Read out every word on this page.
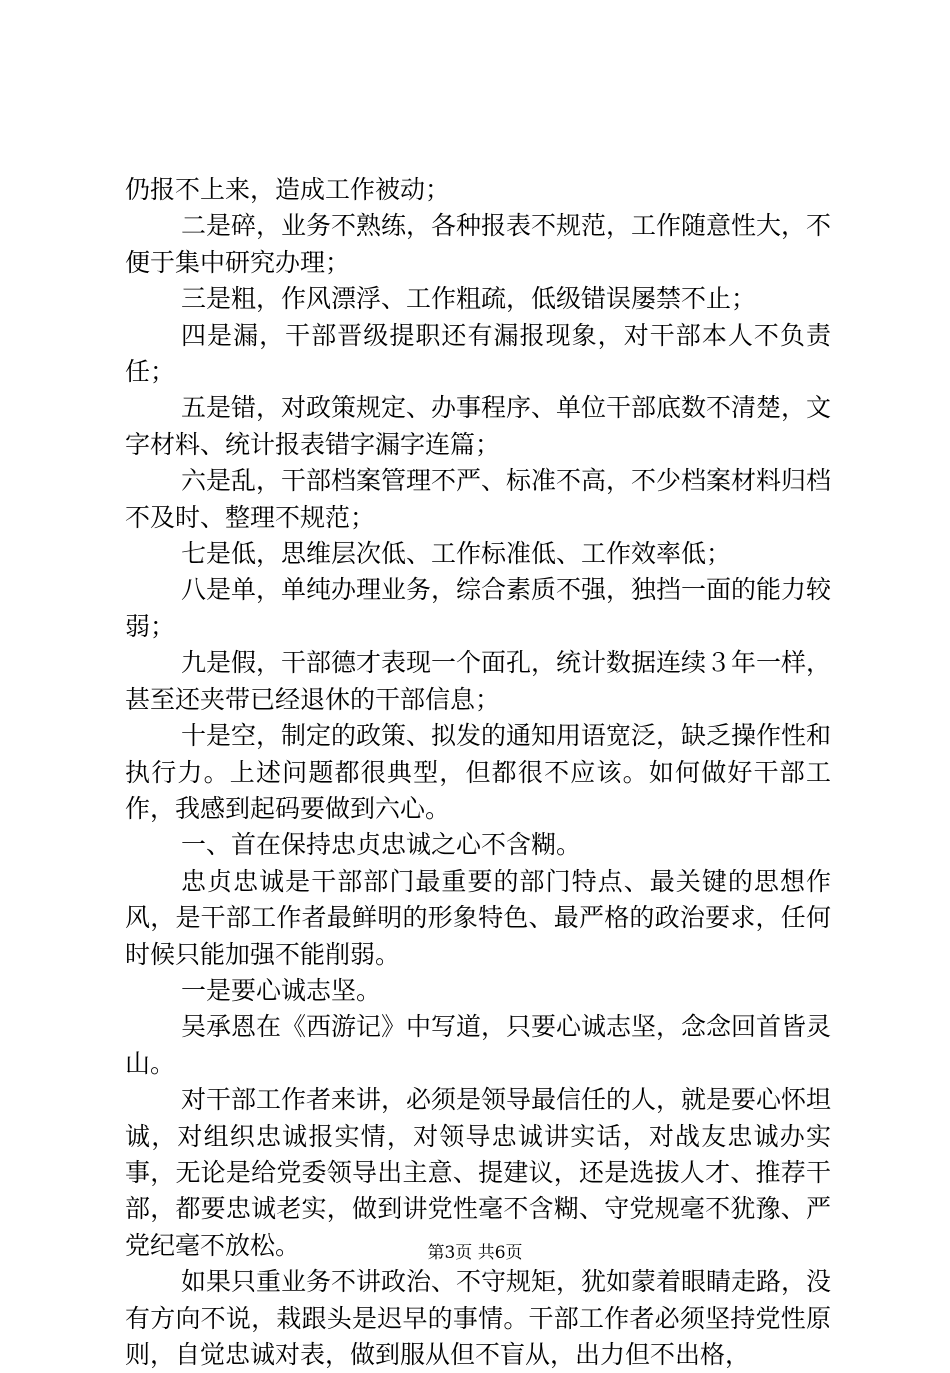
仍报不上来，造成工作被动；

二是碎，业务不熟练，各种报表不规范，工作随意性大，不便于集中研究办理；

三是粗，作风漂浮、工作粗疏，低级错误屡禁不止；

四是漏，干部晋级提职还有漏报现象，对干部本人不负责任；

五是错，对政策规定、办事程序、单位干部底数不清楚，文字材料、统计报表错字漏字连篇；

六是乱，干部档案管理不严、标准不高，不少档案材料归档不及时、整理不规范；

七是低，思维层次低、工作标准低、工作效率低；

八是单，单纯办理业务，综合素质不强，独挡一面的能力较弱；

九是假，干部德才表现一个面孔，统计数据连续３年一样，甚至还夹带已经退休的干部信息；

十是空，制定的政策、拟发的通知用语宽泛，缺乏操作性和执行力。上述问题都很典型，但都很不应该。如何做好干部工作，我感到起码要做到六心。

一、首在保持忠贞忠诚之心不含糊。

忠贞忠诚是干部部门最重要的部门特点、最关键的思想作风，是干部工作者最鲜明的形象特色、最严格的政治要求，任何时候只能加强不能削弱。

一是要心诚志坚。

吴承恩在《西游记》中写道，只要心诚志坚，念念回首皆灵山。

对干部工作者来讲，必须是领导最信任的人，就是要心怀坦诚，对组织忠诚报实情，对领导忠诚讲实话，对战友忠诚办实事，无论是给党委领导出主意、提建议，还是选拔人才、推荐干部，都要忠诚老实，做到讲党性毫不含糊、守党规毫不犹豫、严党纪毫不放松。

如果只重业务不讲政治、不守规矩，犹如蒙着眼睛走路，没有方向不说，栽跟头是迟早的事情。干部工作者必须坚持党性原则，自觉忠诚对表，做到服从但不盲从，出力但不出格，

第3页 共6页
